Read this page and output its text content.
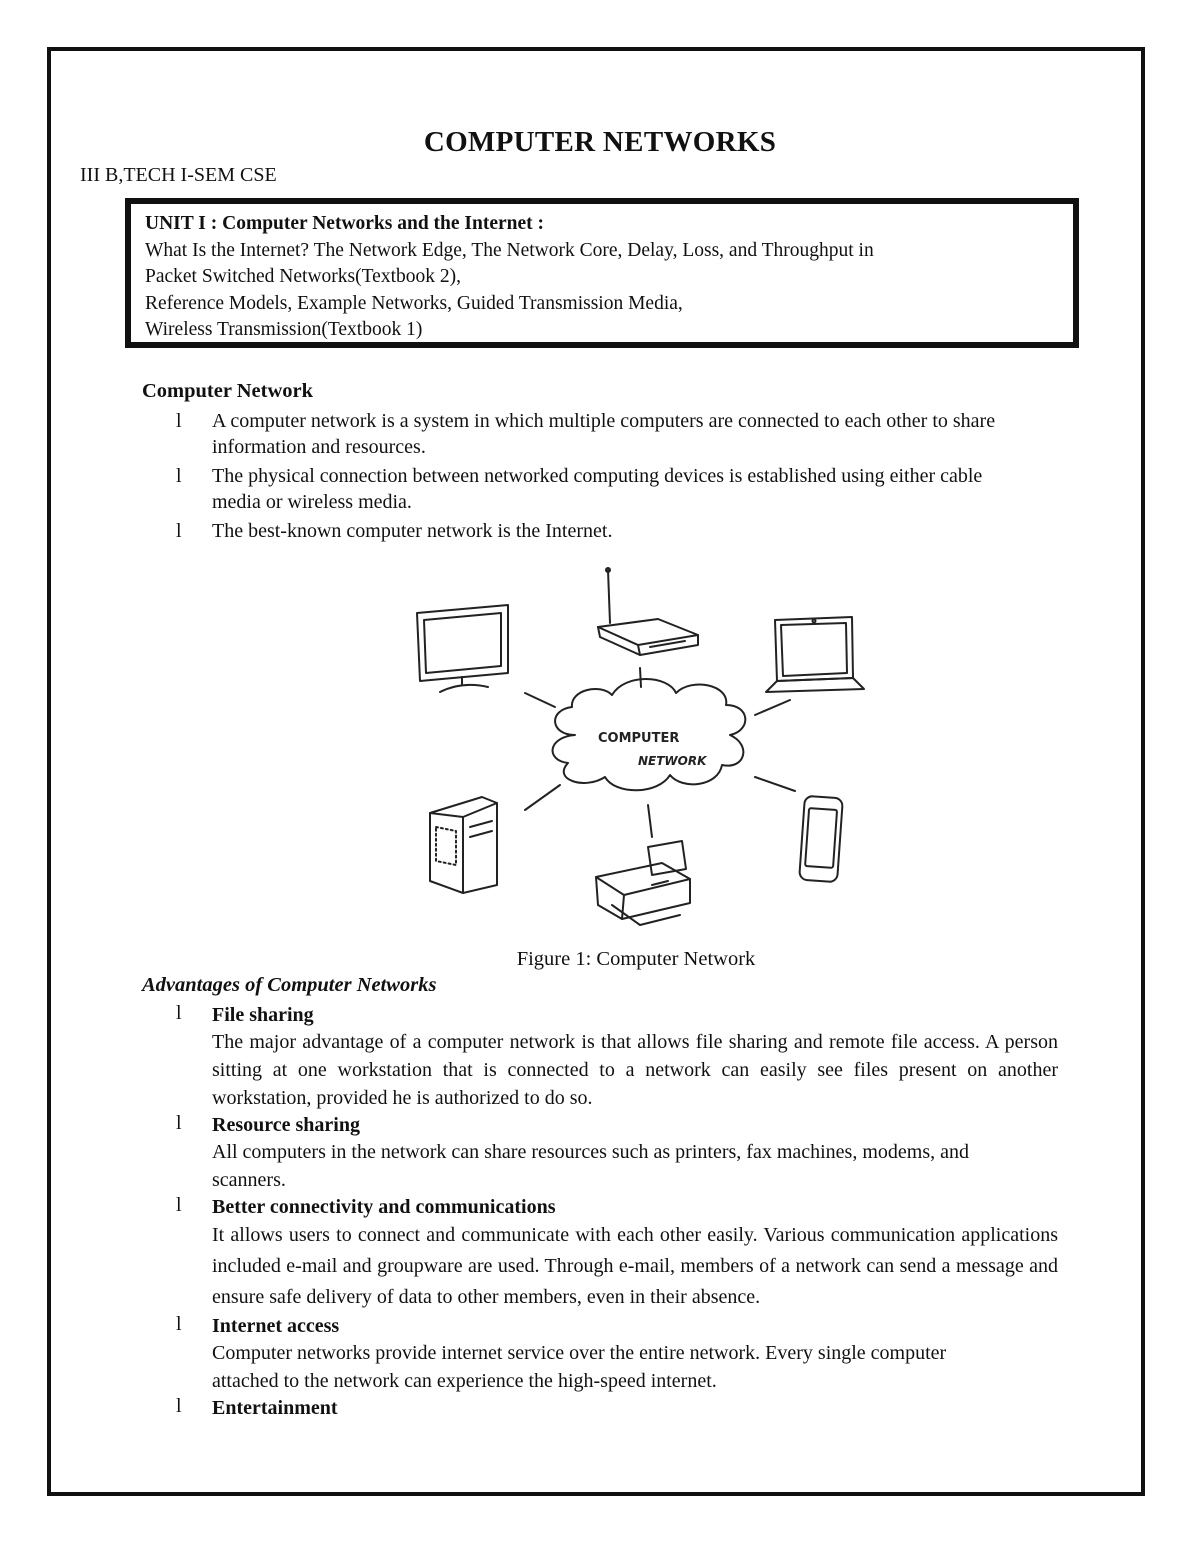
COMPUTER NETWORKS

III B,TECH I-SEM CSE

UNIT I : Computer Networks and the Internet :
What Is the Internet? The Network Edge, The Network Core, Delay, Loss, and Throughput in
Packet Switched Networks(Textbook 2),
Reference Models, Example Networks, Guided Transmission Media,
Wireless Transmission(Textbook 1)
Computer Network
l A computer network is a system in which multiple computers are connected to each other to share information and resources.
l The physical connection between networked computing devices is established using either cable media or wireless media.
l The best-known computer network is the Internet.
COMPUTER
NETWORK

Figure 1: Computer Network

Advantages of Computer Networks
l File sharing
The major advantage of a computer network is that allows file sharing and remote file access. A person sitting at one workstation that is connected to a network can easily see files present on another workstation, provided he is authorized to do so.
l Resource sharing
All computers in the network can share resources such as printers, fax machines, modems, and scanners.
l Better connectivity and communications
It allows users to connect and communicate with each other easily. Various communication applications included e-mail and groupware are used. Through e-mail, members of a network can send a message and ensure safe delivery of data to other members, even in their absence.
l Internet access
Computer networks provide internet service over the entire network. Every single computer attached to the network can experience the high-speed internet.
l Entertainment
